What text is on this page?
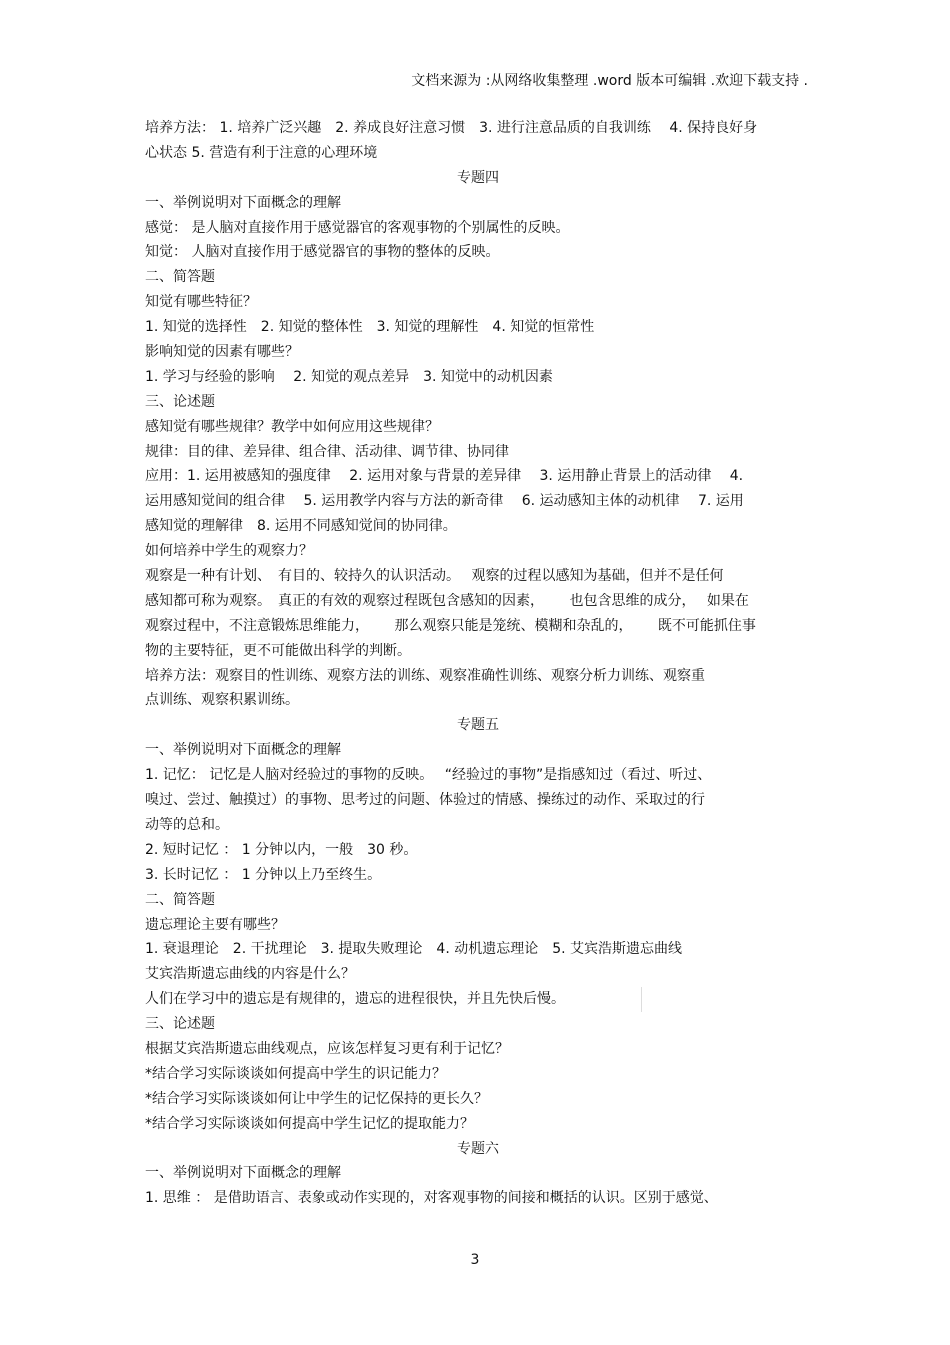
文档来源为 :从网络收集整理 .word 版本可编辑 .欢迎下载支持 .
培养方法： 1. 培养广泛兴趣　2. 养成良好注意习惯　3. 进行注意品质的自我训练　 4. 保持良好身
心状态 5. 营造有利于注意的心理环境
专题四
一、举例说明对下面概念的理解
感觉： 是人脑对直接作用于感觉器官的客观事物的个别属性的反映。
知觉： 人脑对直接作用于感觉器官的事物的整体的反映。
二、简答题
知觉有哪些特征？
1. 知觉的选择性　2. 知觉的整体性　3. 知觉的理解性　4. 知觉的恒常性
影响知觉的因素有哪些？
1. 学习与经验的影响　 2. 知觉的观点差异　3. 知觉中的动机因素
三、论述题
感知觉有哪些规律？教学中如何应用这些规律？
规律：目的律、差异律、组合律、活动律、调节律、协同律
应用：1. 运用被感知的强度律　 2. 运用对象与背景的差异律　 3. 运用静止背景上的活动律　 4.
运用感知觉间的组合律　 5. 运用教学内容与方法的新奇律　 6. 运动感知主体的动机律　 7. 运用
感知觉的理解律　8. 运用不同感知觉间的协同律。
如何培养中学生的观察力？
观察是一种有计划、　有目的、较持久的认识活动。　 观察的过程以感知为基础，但并不是任何
感知都可称为观察。　真正的有效的观察过程既包含感知的因素，　　 也包含思维的成分，　 如果在
观察过程中，不注意锻炼思维能力，　　 那么观察只能是笼统、模糊和杂乱的，　　 既不可能抓住事
物的主要特征，更不可能做出科学的判断。
培养方法：观察目的性训练、观察方法的训练、观察准确性训练、观察分析力训练、观察重
点训练、观察积累训练。
专题五
一、举例说明对下面概念的理解
1. 记忆： 记忆是人脑对经验过的事物的反映。　 “经验过的事物”是指感知过（看过、听过、
嗅过、尝过、触摸过）的事物、思考过的问题、体验过的情感、操练过的动作、采取过的行
动等的总和。
2. 短时记忆 ： 1 分钟以内，一般　30 秒。
3. 长时记忆 ： 1 分钟以上乃至终生。
二、简答题
遗忘理论主要有哪些？
1. 衰退理论　2. 干扰理论　3. 提取失败理论　4. 动机遗忘理论　5. 艾宾浩斯遗忘曲线
艾宾浩斯遗忘曲线的内容是什么？
人们在学习中的遗忘是有规律的，遗忘的进程很快，并且先快后慢。
三、论述题
根据艾宾浩斯遗忘曲线观点，应该怎样复习更有利于记忆？
*结合学习实际谈谈如何提高中学生的识记能力？
*结合学习实际谈谈如何让中学生的记忆保持的更长久？
*结合学习实际谈谈如何提高中学生记忆的提取能力？
专题六
一、举例说明对下面概念的理解
1. 思维 ： 是借助语言、表象或动作实现的，对客观事物的间接和概括的认识。区别于感觉、
3
